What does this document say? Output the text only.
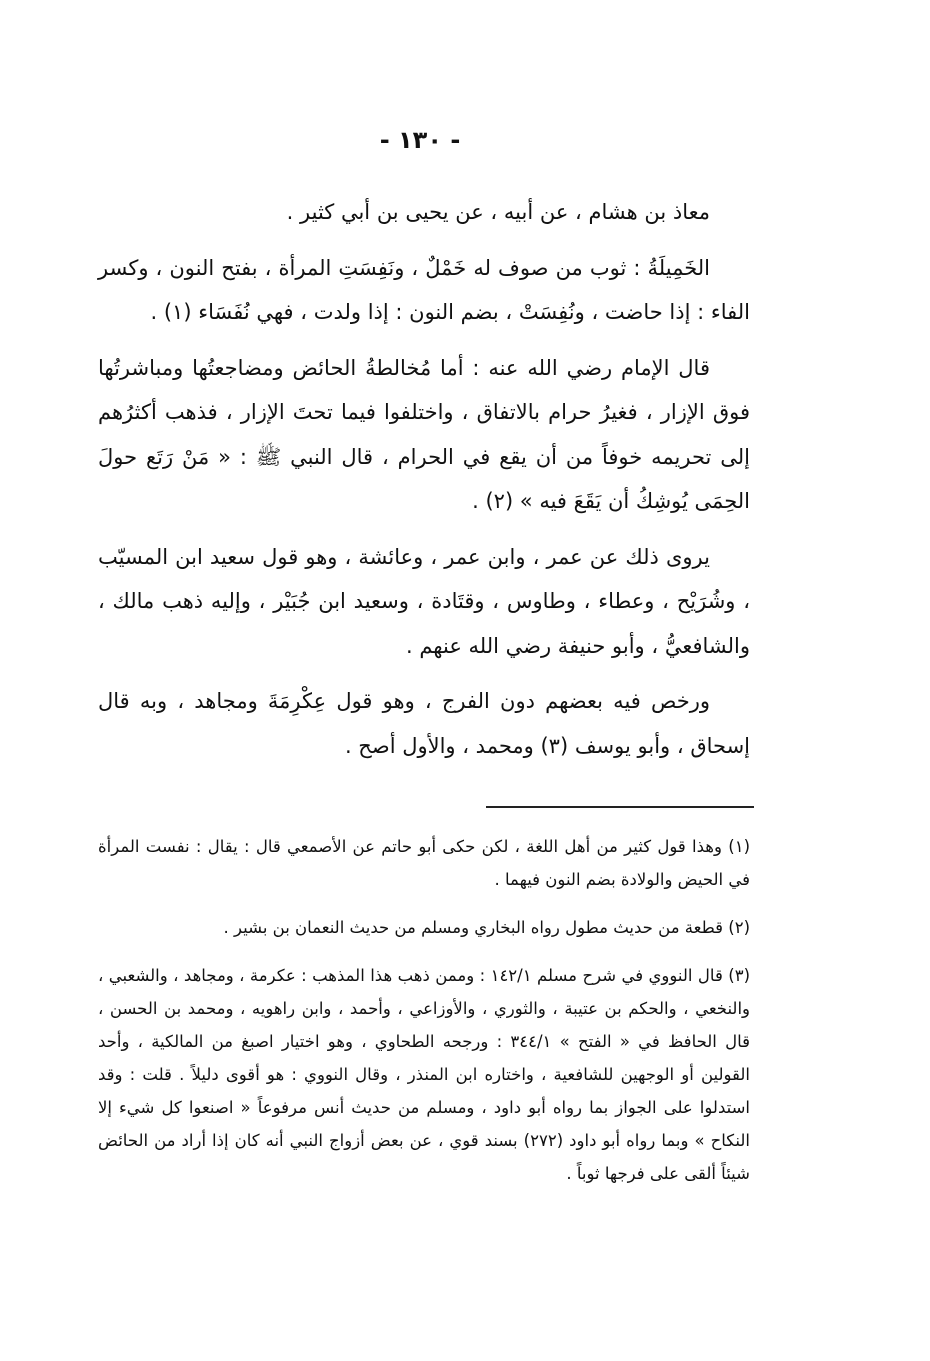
- ١٣٠ -

معاذ بن هشام ، عن أبيه ، عن يحيى بن أبي كثير .

الخَمِيلَةُ : ثوب من صوف له خَمْلٌ ، ونَفِسَتِ المرأة ، بفتح النون ، وكسر الفاء : إذا حاضت ، ونُفِسَتْ ، بضم النون : إذا ولدت ، فهي نُفَسَاء (١) .

قال الإمام رضي الله عنه : أما مُخالطةُ الحائض ومضاجعتُها ومباشرتُها فوق الإزار ، فغيرُ حرام بالاتفاق ، واختلفوا فيما تحتَ الإزار ، فذهب أكثرُهم إلى تحريمه خوفاً من أن يقع في الحرام ، قال النبي ﷺ : « مَنْ رَتَع حولَ الحِمَى يُوشِكُ أن يَقَعَ فيه » (٢) .

يروى ذلك عن عمر ، وابن عمر ، وعائشة ، وهو قول سعيد ابن المسيّب ، وشُرَيْح ، وعطاء ، وطاوس ، وقتَادة ، وسعيد ابن جُبَيْر ، وإليه ذهب مالك ، والشافعيُّ ، وأبو حنيفة رضي الله عنهم .

ورخص فيه بعضهم دون الفرج ، وهو قول عِكْرِمَةَ ومجاهد ، وبه قال إسحاق ، وأبو يوسف (٣) ومحمد ، والأول أصح .

(١) وهذا قول كثير من أهل اللغة ، لكن حكى أبو حاتم عن الأصمعي قال : يقال : نفست المرأة في الحيض والولادة بضم النون فيهما .

(٢) قطعة من حديث مطول رواه البخاري ومسلم من حديث النعمان بن بشير .

(٣) قال النووي في شرح مسلم ١٤٢/١ : وممن ذهب هذا المذهب : عكرمة ، ومجاهد ، والشعبي ، والنخعي ، والحكم بن عتيبة ، والثوري ، والأوزاعي ، وأحمد ، وابن راهويه ، ومحمد بن الحسن ، قال الحافظ في « الفتح » ٣٤٤/١ : ورجحه الطحاوي ، وهو اختيار اصبغ من المالكية ، وأحد القولين أو الوجهين للشافعية ، واختاره ابن المنذر ، وقال النووي : هو أقوى دليلاً . قلت : وقد استدلوا على الجواز بما رواه أبو داود ، ومسلم من حديث أنس مرفوعاً « اصنعوا كل شيء إلا النكاح » وبما رواه أبو داود (٢٧٢) بسند قوي ، عن بعض أزواج النبي أنه كان إذا أراد من الحائض شيئاً ألقى على فرجها ثوباً .
